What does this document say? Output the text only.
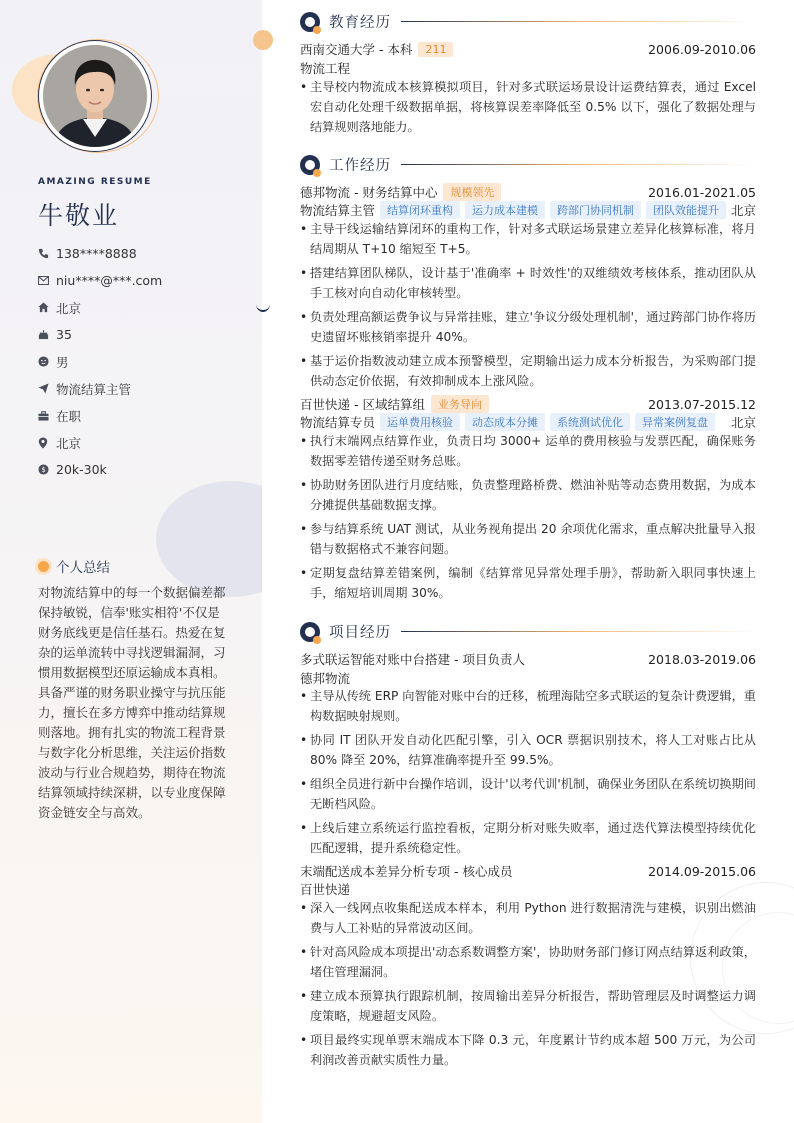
AMAZING RESUME
牛敬业
138****8888
niu****@***.com
北京
35
男
物流结算主管
在职
北京
$ 20k-30k
个人总结
对物流结算中的每一个数据偏差都保持敏锐，信奉'账实相符'不仅是财务底线更是信任基石。热爱在复杂的运单流转中寻找逻辑漏洞，习惯用数据模型还原运输成本真相。具备严谨的财务职业操守与抗压能力，擅长在多方博弈中推动结算规则落地。拥有扎实的物流工程背景与数字化分析思维，关注运价指数波动与行业合规趋势，期待在物流结算领域持续深耕，以专业度保障资金链安全与高效。
教育经历
西南交通大学 - 本科	211	2006.09-2010.06
物流工程
• 主导校内物流成本核算模拟项目，针对多式联运场景设计运费结算表，通过 Excel 宏自动化处理千级数据单据，将核算误差率降低至 0.5% 以下，强化了数据处理与结算规则落地能力。
工作经历
德邦物流 - 财务结算中心	规模领先	2016.01-2021.05
物流结算主管	结算闭环重构	运力成本建模	跨部门协同机制	团队效能提升 北京
• 主导干线运输结算闭环的重构工作，针对多式联运场景建立差异化核算标准，将月结周期从 T+10 缩短至 T+5。
• 搭建结算团队梯队，设计基于'准确率 + 时效性'的双维绩效考核体系，推动团队从手工核对向自动化审核转型。
• 负责处理高额运费争议与异常挂账，建立'争议分级处理机制'，通过跨部门协作将历史遗留坏账核销率提升 40%。
• 基于运价指数波动建立成本预警模型，定期输出运力成本分析报告，为采购部门提供动态定价依据，有效抑制成本上涨风险。
百世快递 - 区域结算组	业务导向	2013.07-2015.12
物流结算专员	运单费用核验	动态成本分摊	系统测试优化	异常案例复盘	北京
• 执行末端网点结算作业，负责日均 3000+ 运单的费用核验与发票匹配，确保账务数据零差错传递至财务总账。
• 协助财务团队进行月度结账，负责整理路桥费、燃油补贴等动态费用数据，为成本分摊提供基础数据支撑。
• 参与结算系统 UAT 测试，从业务视角提出 20 余项优化需求，重点解决批量导入报错与数据格式不兼容问题。
• 定期复盘结算差错案例，编制《结算常见异常处理手册》，帮助新入职同事快速上手，缩短培训周期 30%。
项目经历
多式联运智能对账中台搭建 - 项目负责人	2018.03-2019.06
德邦物流
• 主导从传统 ERP 向智能对账中台的迁移，梳理海陆空多式联运的复杂计费逻辑，重构数据映射规则。
• 协同 IT 团队开发自动化匹配引擎，引入 OCR 票据识别技术，将人工对账占比从 80% 降至 20%，结算准确率提升至 99.5%。
• 组织全员进行新中台操作培训，设计'以考代训'机制，确保业务团队在系统切换期间无断档风险。
• 上线后建立系统运行监控看板，定期分析对账失败率，通过迭代算法模型持续优化匹配逻辑，提升系统稳定性。
末端配送成本差异分析专项 - 核心成员	2014.09-2015.06
百世快递
• 深入一线网点收集配送成本样本，利用 Python 进行数据清洗与建模，识别出燃油费与人工补贴的异常波动区间。
• 针对高风险成本项提出'动态系数调整方案'，协助财务部门修订网点结算返利政策，堵住管理漏洞。
• 建立成本预算执行跟踪机制，按周输出差异分析报告，帮助管理层及时调整运力调度策略，规避超支风险。
• 项目最终实现单票末端成本下降 0.3 元，年度累计节约成本超 500 万元，为公司利润改善贡献实质性力量。
